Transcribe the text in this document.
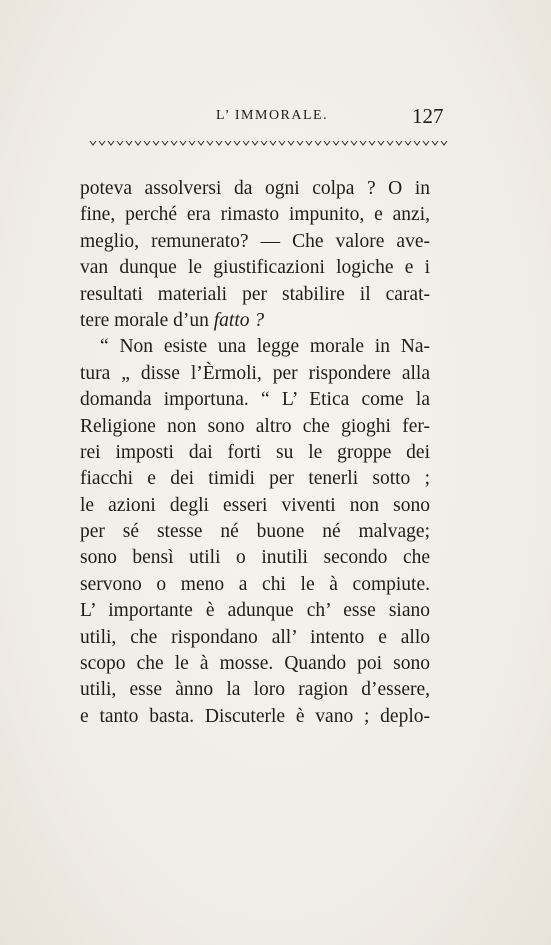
L’ IMMORALE.	127
poteva assolversi da ogni colpa ? O in
fine, perché era rimasto impunito, e anzi,
meglio, remunerato? — Che valore ave-
van dunque le giustificazioni logiche e i
resultati materiali per stabilire il carat-
tere morale d’un fatto ?
“ Non esiste una legge morale in Na-
tura „ disse l’Èrmoli, per rispondere alla
domanda importuna. “ L’ Etica come la
Religione non sono altro che gioghi fer-
rei imposti dai forti su le groppe dei
fiacchi e dei timidi per tenerli sotto ;
le azioni degli esseri viventi non sono
per sé stesse né buone né malvage;
sono bensì utili o inutili secondo che
servono o meno a chi le à compiute.
L’ importante è adunque ch’ esse siano
utili, che rispondano all’ intento e allo
scopo che le à mosse. Quando poi sono
utili, esse ànno la loro ragion d’essere,
e tanto basta. Discuterle è vano ; deplo-
